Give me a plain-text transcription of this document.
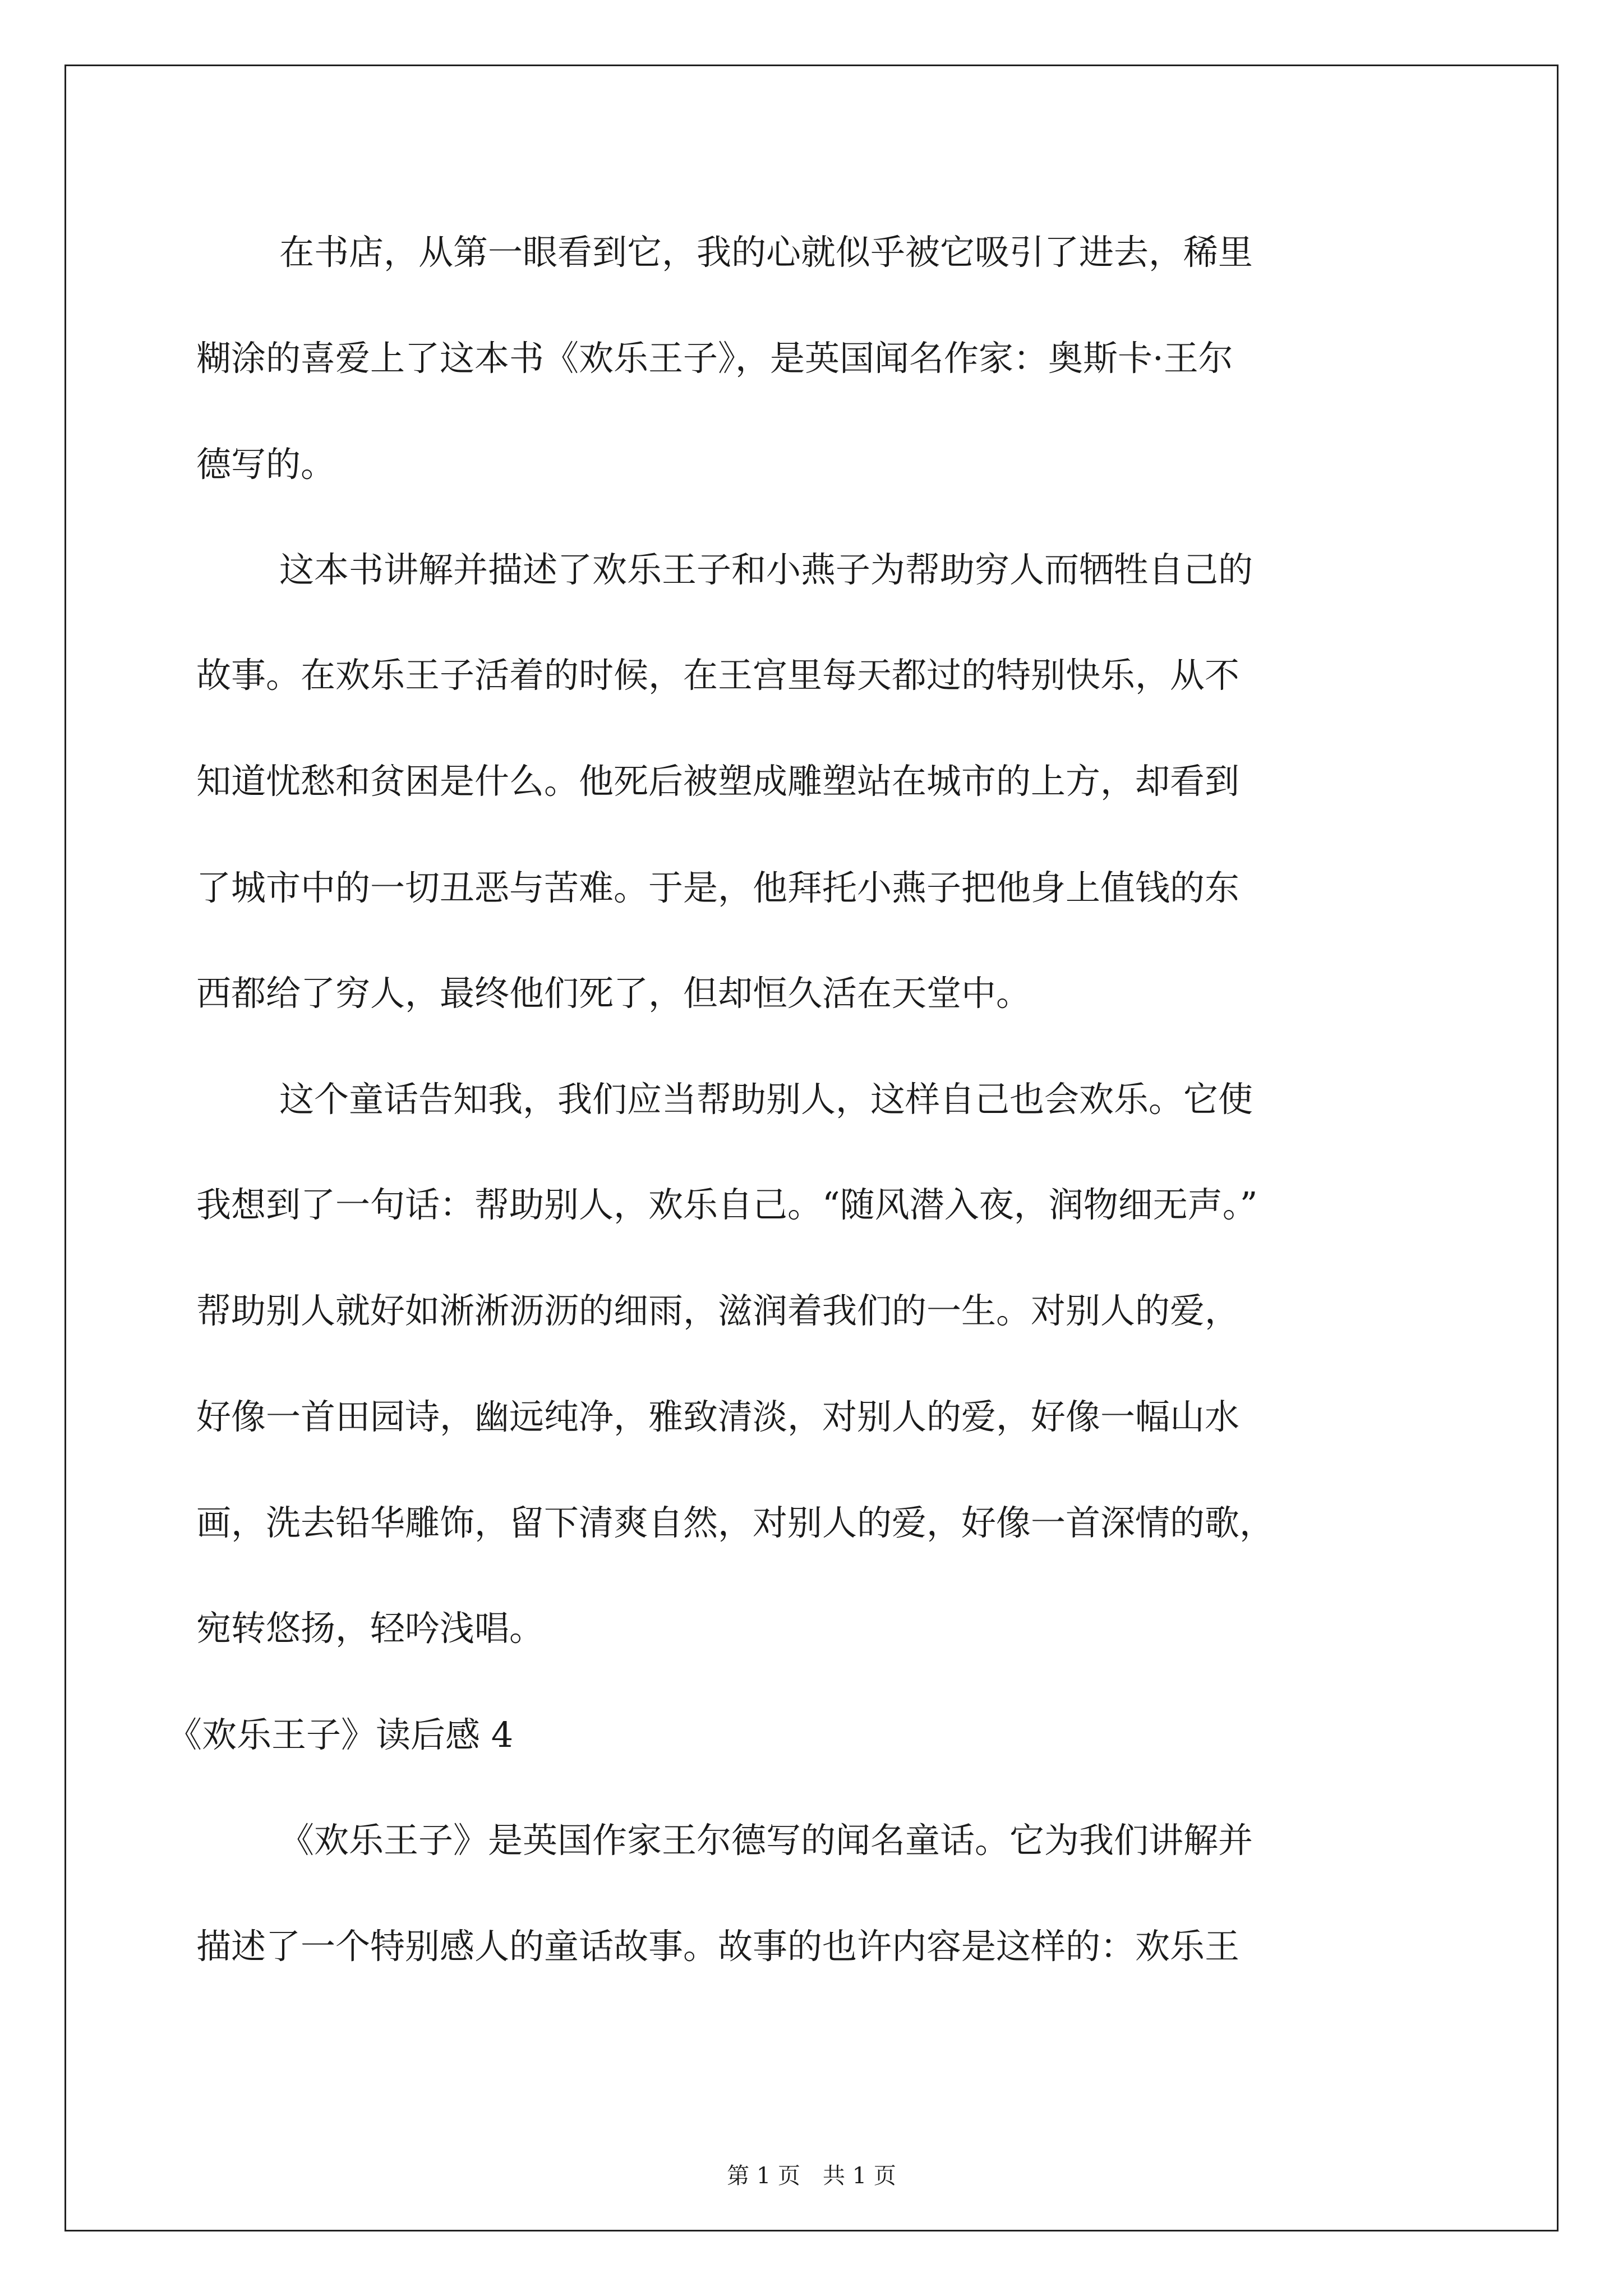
在书店，从第一眼看到它，我的心就似乎被它吸引了进去，稀里
糊涂的喜爱上了这本书《欢乐王子》，是英国闻名作家：奥斯卡·王尔
德写的。
这本书讲解并描述了欢乐王子和小燕子为帮助穷人而牺牲自己的
故事。在欢乐王子活着的时候，在王宫里每天都过的特别快乐，从不
知道忧愁和贫困是什么。他死后被塑成雕塑站在城市的上方，却看到
了城市中的一切丑恶与苦难。于是，他拜托小燕子把他身上值钱的东
西都给了穷人，最终他们死了，但却恒久活在天堂中。
这个童话告知我，我们应当帮助别人，这样自己也会欢乐。它使
我想到了一句话：帮助别人，欢乐自己。“随风潜入夜，润物细无声。”
帮助别人就好如淅淅沥沥的细雨，滋润着我们的一生。对别人的爱，
好像一首田园诗，幽远纯净，雅致清淡，对别人的爱，好像一幅山水
画，洗去铅华雕饰，留下清爽自然，对别人的爱，好像一首深情的歌，
宛转悠扬，轻吟浅唱。
《欢乐王子》读后感 4
《欢乐王子》是英国作家王尔德写的闻名童话。它为我们讲解并
描述了一个特别感人的童话故事。故事的也许内容是这样的：欢乐王
第 1 页　共 1 页
